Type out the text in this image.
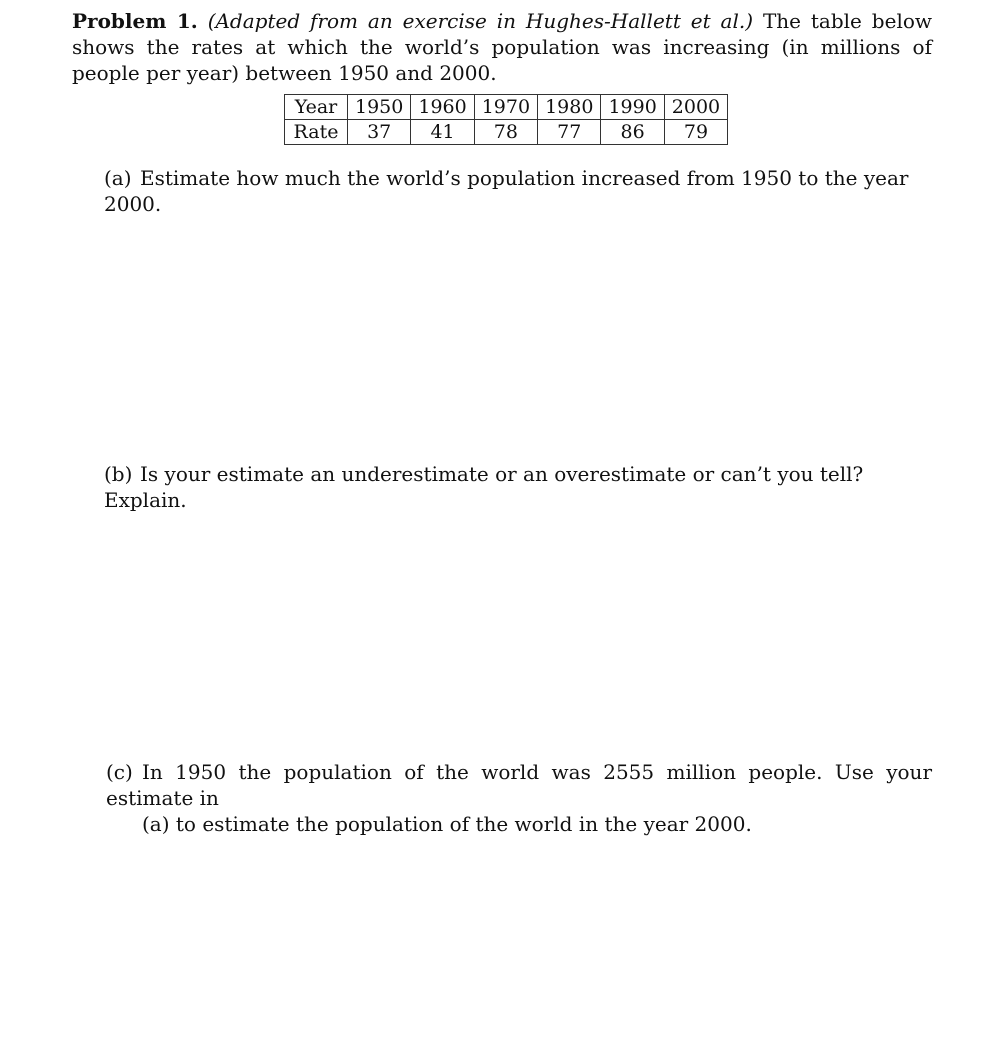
Problem 1. (Adapted from an exercise in Hughes-Hallett et al.) The table below shows the rates at which the world’s population was increasing (in millions of people per year) between 1950 and 2000.
Year	1950	1960	1970	1980	1990	2000
Rate	37	41	78	77	86	79
(a) Estimate how much the world’s population increased from 1950 to the year 2000.
(b) Is your estimate an underestimate or an overestimate or can’t you tell? Explain.
(c) In 1950 the population of the world was 2555 million people. Use your estimate in
(a) to estimate the population of the world in the year 2000.
